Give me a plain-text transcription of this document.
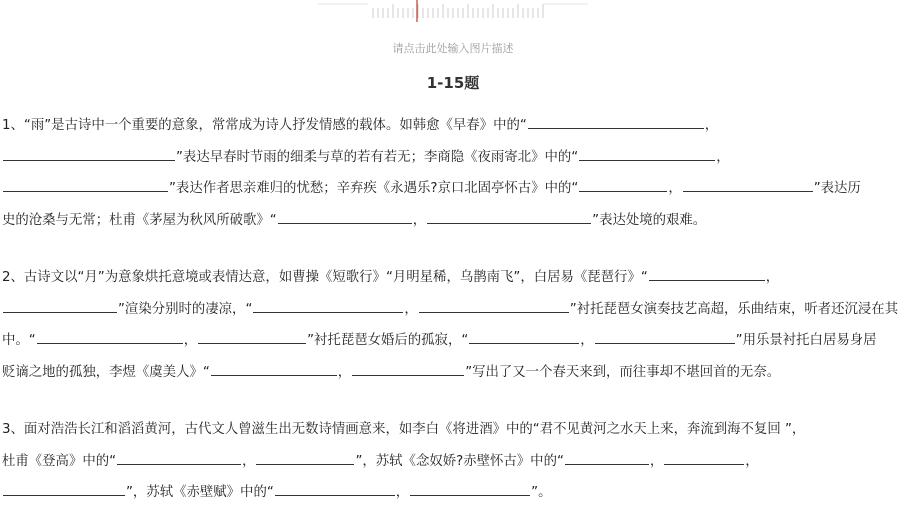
请点击此处输入图片描述
1-15题
1、“雨”是古诗中一个重要的意象，常常成为诗人抒发情感的载体。如韩愈《早春》中的“	，
”表达早春时节雨的细柔与草的若有若无；李商隐《夜雨寄北》中的“	，
”表达作者思亲难归的忧愁；辛弃疾《永遇乐?京口北固亭怀古》中的“	，	”表达历
史的沧桑与无常；杜甫《茅屋为秋风所破歌》“	，	”表达处境的艰难。
2、古诗文以“月”为意象烘托意境或表情达意，如曹操《短歌行》“月明星稀，乌鹊南飞”，白居易《琵琶行》“	，
”渲染分别时的凄凉，“	，	”衬托琵琶女演奏技艺高超，乐曲结束，听者还沉浸在其
中。“	，	”衬托琵琶女婚后的孤寂，“	，	”用乐景衬托白居易身居
贬谪之地的孤独，李煜《虞美人》“	，	”写出了又一个春天来到，而往事却不堪回首的无奈。
3、面对浩浩长江和滔滔黄河，古代文人曾滋生出无数诗情画意来，如李白《将进酒》中的“君不见黄河之水天上来，奔流到海不复回 ”，
杜甫《登高》中的“	，	”，苏轼《念奴娇?赤壁怀古》中的“	，	，
”，苏轼《赤壁赋》中的“	，	”。
